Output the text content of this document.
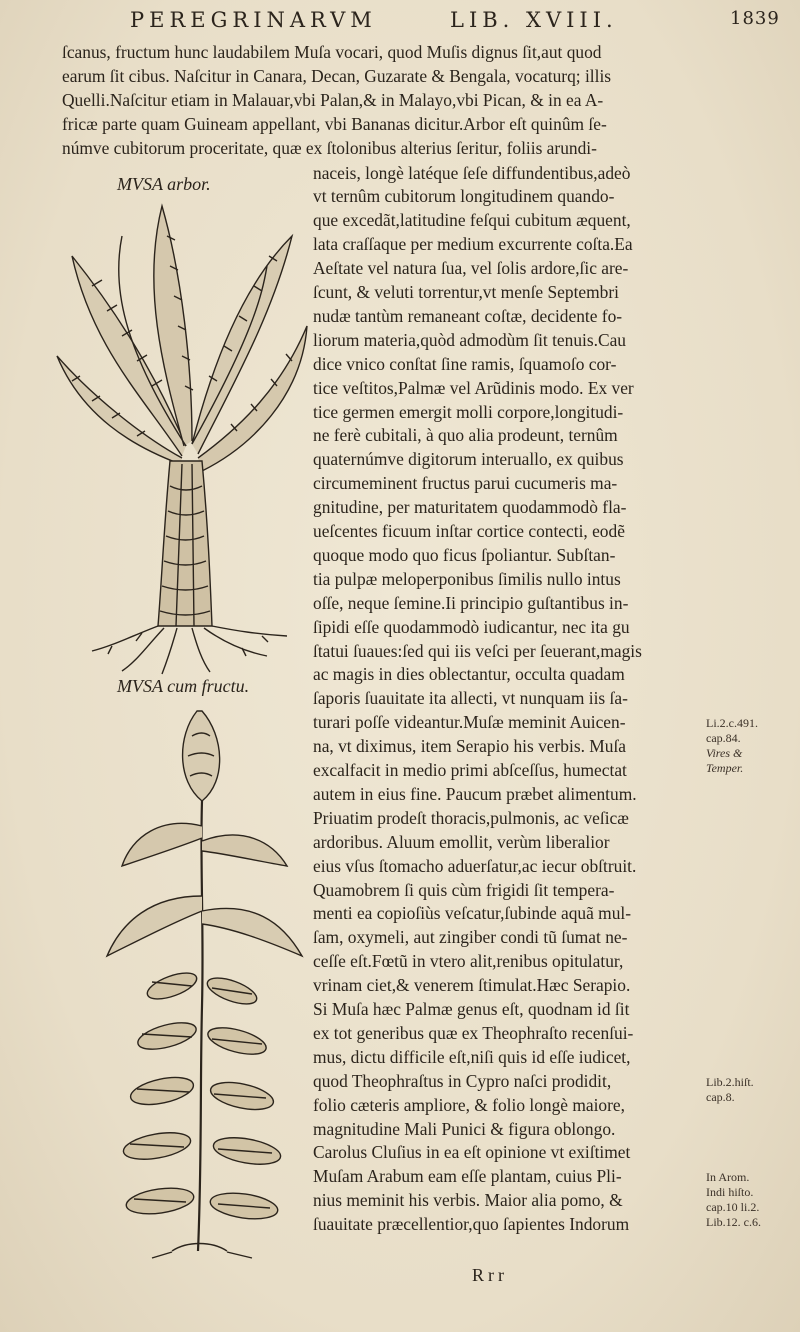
PEREGRINARVM	LIB. XVIII.	1839
ſcanus, fructum hunc laudabilem Muſa vocari, quod Muſis dignus ſit,aut quod
earum ſit cibus. Naſcitur in Canara, Decan, Guzarate & Bengala, vocaturq; illis
Quelli.Naſcitur etiam in Malauar,vbi Palan,& in Malayo,vbi Pican, & in ea A-
fricæ parte quam Guineam appellant, vbi Bananas dicitur.Arbor eſt quinûm ſe-
númve cubitorum proceritate, quæ ex ſtolonibus alterius ſeritur, foliis arundi-
naceis, longè latéque ſeſe diffundentibus,adeò
vt ternûm cubitorum longitudinem quando-
que excedãt,latitudine feſqui cubitum æquent,
lata craſſaque per medium excurrente coſta.Ea
Aeſtate vel natura ſua, vel ſolis ardore,ſic are-
ſcunt, & veluti torrentur,vt menſe Septembri
nudæ tantùm remaneant coſtæ, decidente fo-
liorum materia,quòd admodùm ſit tenuis.Cau
dice vnico conſtat ſine ramis, ſquamoſo cor-
tice veſtitos,Palmæ vel Arũdinis modo. Ex ver
tice germen emergit molli corpore,longitudi-
ne ferè cubitali, à quo alia prodeunt, ternûm
quaternúmve digitorum interuallo, ex quibus
circumeminent fructus parui cucumeris ma-
gnitudine, per maturitatem quodammodò fla-
ueſcentes ficuum inſtar cortice contecti, eodẽ
quoque modo quo ficus ſpoliantur. Subſtan-
tia pulpæ meloperponibus ſimilis nullo intus
oſſe, neque ſemine.Ii principio guſtantibus in-
ſipidi eſſe quodammodò iudicantur, nec ita gu
ſtatui ſuaues:ſed qui iis veſci per ſeuerant,magis
ac magis in dies oblectantur, occulta quadam
ſaporis ſuauitate ita allecti, vt nunquam iis ſa-
turari poſſe videantur.Muſæ meminit Auicen-
na, vt diximus, item Serapio his verbis. Muſa
excalfacit in medio primi abſceſſus, humectat
autem in eius fine. Paucum præbet alimentum.
Priuatim prodeſt thoracis,pulmonis, ac veſicæ
ardoribus. Aluum emollit, verùm liberalior
eius vſus ſtomacho aduerſatur,ac iecur obſtruit.
Quamobrem ſi quis cùm frigidi ſit tempera-
menti ea copioſiùs veſcatur,ſubinde aquã mul-
ſam, oxymeli, aut zingiber condi tũ ſumat ne-
ceſſe eſt.Fœtũ in vtero alit,renibus opitulatur,
vrinam ciet,& venerem ſtimulat.Hæc Serapio.
Si Muſa hæc Palmæ genus eſt, quodnam id ſit
ex tot generibus quæ ex Theophraſto recenſui-
mus, dictu difficile eſt,niſi quis id eſſe iudicet,
quod Theophraſtus in Cypro naſci prodidit,
folio cæteris ampliore, & folio longè maiore,
magnitudine Mali Punici & figura oblongo.
Carolus Cluſius in ea eſt opinione vt exiſtimet
Muſam Arabum eam eſſe plantam, cuius Pli-
nius meminit his verbis. Maior alia pomo, &
ſuauitate præcellentior,quo ſapientes Indorum
Li.2.c.491.
cap.84.
Vires &
Temper.
Lib.2.hiſt.
cap.8.
In Arom.
Indi hiſto.
cap.10 li.2.
Lib.12. c.6.
MVSA arbor.
MVSA cum fructu.
Rrr
